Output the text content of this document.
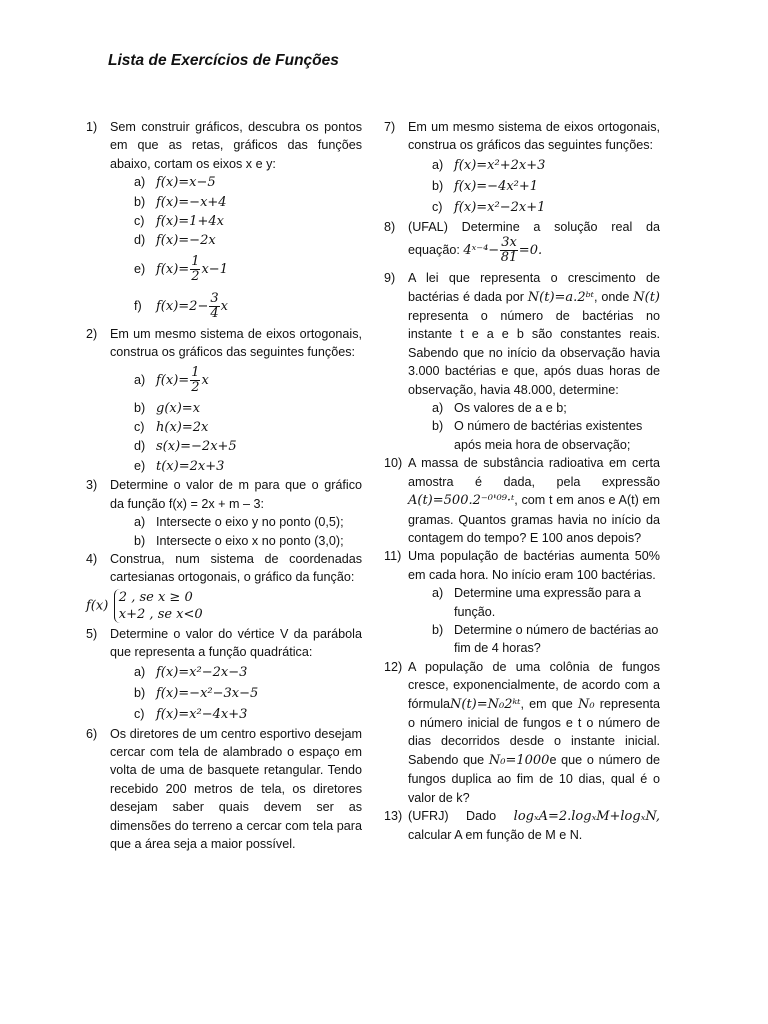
Lista de Exercícios de Funções
1) Sem construir gráficos, descubra os pontos em que as retas, gráficos das funções abaixo, cortam os eixos x e y:
a) f(x)=x−5
b) f(x)=−x+4
c) f(x)=1+4x
d) f(x)=−2x
e) $f(x)= \frac{1}{2} x-1$
f) $f(x)=2- \frac{3}{4}$ x
2) Em um mesmo sistema de eixos ortogonais, construa os gráficos das seguintes funções:
a) $f(x)= \frac{1}{2}$ x
b) g(x)=x
c) h(x)=2x
d) s(x)=−2x+5
e) t(x)=2x+3
3) Determine o valor de m para que o gráfico da função f(x) = 2x + m – 3:
a) Intersecte o eixo y no ponto (0,5);
b) Intersecte o eixo x no ponto (3,0);
4) Construa, num sistema de coordenadas cartesianas ortogonais, o gráfico da função:
f(x)
2 , se x ≥ 0
x+2 , se x<0
5) Determine o valor do vértice V da parábola que representa a função quadrática:
a) f(x)=x²−2x−3
b) f(x)=−x²−3x−5
c) f(x)=x²−4x+3
6) Os diretores de um centro esportivo desejam cercar com tela de alambrado o espaço em volta de uma de basquete retangular. Tendo recebido 200 metros de tela, os diretores desejam saber quais devem ser as dimensões do terreno a cercar com tela para que a área seja a maior possível.
7) Em um mesmo sistema de eixos ortogonais, construa os gráficos das seguintes funções:
a) f(x)=x²+2x+3
b) f(x)=−4x²+1
c) f(x)=x²−2x+1
8) (UFAL) Determine a solução real da equação: 4ˣ⁻⁴− $\frac{3x}{81} =0$.
9) A lei que representa o crescimento de bactérias é dada por N(t)=a.2ᵇᵗ, onde N(t) representa o número de bactérias no instante t e a e b são constantes reais. Sabendo que no início da observação havia 3.000 bactérias e que, após duas horas de observação, havia 48.000, determine:
a) Os valores de a e b;
b) O número de bactérias existentes após meia hora de observação;
10) A massa de substância radioativa em certa amostra é dada, pela expressão A(t)=500.2⁻⁰'⁰⁹·ᵗ, com t em anos e A(t) em gramas. Quantos gramas havia no início da contagem do tempo? E 100 anos depois?
11) Uma população de bactérias aumenta 50% em cada hora. No início eram 100 bactérias.
a) Determine uma expressão para a função.
b) Determine o número de bactérias ao fim de 4 horas?
12) A população de uma colônia de fungos cresce, exponencialmente, de acordo com a fórmulaN(t)=N₀2ᵏᵗ, em que N₀ representa o número inicial de fungos e t o número de dias decorridos desde o instante inicial. Sabendo que N₀=1000e que o número de fungos duplica ao fim de 10 dias, qual é o valor de k?
13) (UFRJ) Dado logₓA=2.logₓM+logₓN, calcular A em função de M e N.
